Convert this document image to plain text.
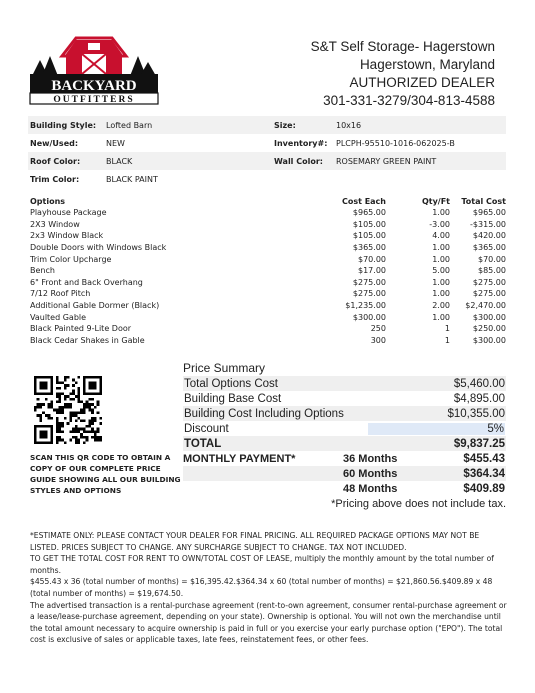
BACKYARD
OUTFITTERS
S&T Self Storage- Hagerstown
Hagerstown, Maryland
AUTHORIZED DEALER
301-331-3279/304-813-4588
Building Style:	Lofted Barn	Size:	10x16
New/Used:	NEW	Inventory#:	PLCPH-95510-1016-062025-B
Roof Color:	BLACK	Wall Color:	ROSEMARY GREEN PAINT
Trim Color:	BLACK PAINT
Options	Cost Each	Qty/Ft	Total Cost
Playhouse Package	$965.00	1.00	$965.00
2X3 Window	$105.00	-3.00	-$315.00
2x3 Window Black	$105.00	4.00	$420.00
Double Doors with Windows Black	$365.00	1.00	$365.00
Trim Color Upcharge	$70.00	1.00	$70.00
Bench	$17.00	5.00	$85.00
6" Front and Back Overhang	$275.00	1.00	$275.00
7/12 Roof Pitch	$275.00	1.00	$275.00
Additional Gable Dormer (Black)	$1,235.00	2.00	$2,470.00
Vaulted Gable	$300.00	1.00	$300.00
Black Painted 9-Lite Door	250	1	$250.00
Black Cedar Shakes in Gable	300	1	$300.00
SCAN THIS QR CODE TO OBTAIN A COPY OF OUR COMPLETE PRICE GUIDE SHOWING ALL OUR BUILDING STYLES AND OPTIONS
Price Summary
Total Options Cost	$5,460.00
Building Base Cost	$4,895.00
Building Cost Including Options	$10,355.00
Discount	5%
TOTAL	$9,837.25
MONTHLY PAYMENT*	36 Months	$455.43
60 Months	$364.34
48 Months	$409.89
*Pricing above does not include tax.

*ESTIMATE ONLY: PLEASE CONTACT YOUR DEALER FOR FINAL PRICING. ALL REQUIRED PACKAGE OPTIONS MAY NOT BE LISTED. PRICES SUBJECT TO CHANGE. ANY SURCHARGE SUBJECT TO CHANGE. TAX NOT INCLUDED.

TO GET THE TOTAL COST FOR RENT TO OWN/TOTAL COST OF LEASE, multiply the monthly amount by the total number of months.

$455.43 x 36 (total number of months) = $16,395.42.$364.34 x 60 (total number of months) = $21,860.56.$409.89 x 48 (total number of months) = $19,674.50.

The advertised transaction is a rental-purchase agreement (rent-to-own agreement, consumer rental-purchase agreement or a lease/lease-purchase agreement, depending on your state). Ownership is optional. You will not own the merchandise until the total amount necessary to acquire ownership is paid in full or you exercise your early purchase option ("EPO"). The total cost is exclusive of sales or applicable taxes, late fees, reinstatement fees, or other fees.
